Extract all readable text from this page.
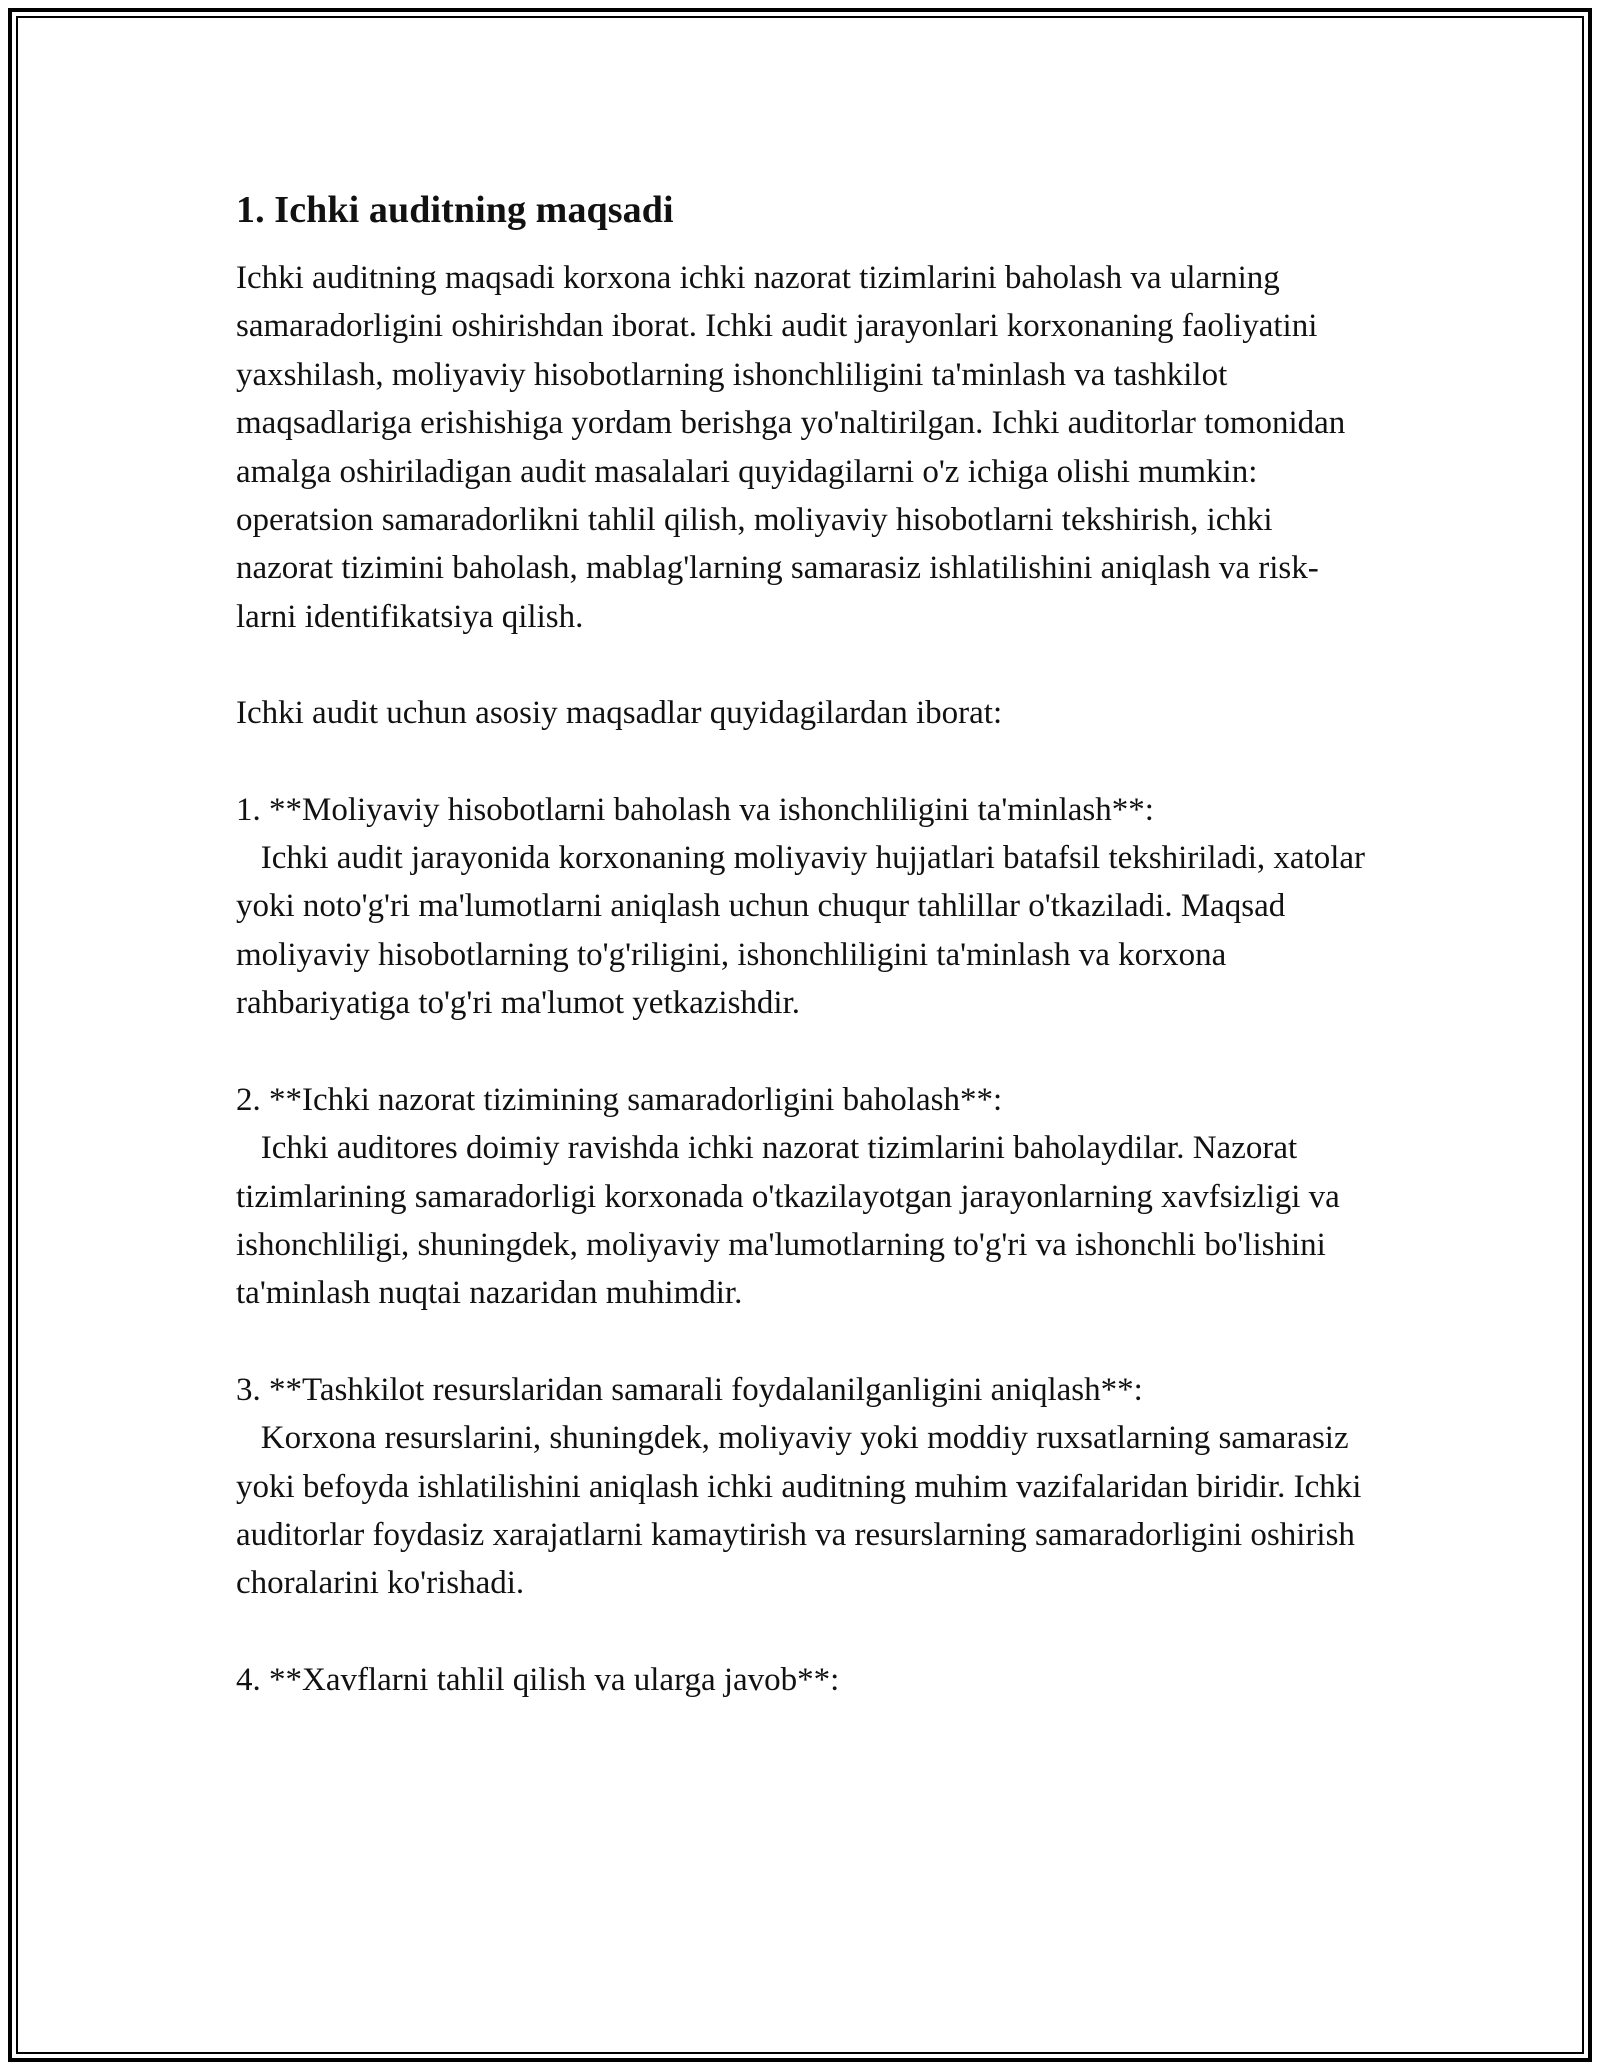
1. Ichki auditning maqsadi

Ichki auditning maqsadi korxona ichki nazorat tizimlarini baholash va ularning samaradorligini oshirishdan iborat. Ichki audit jarayonlari korxonaning faoliyatini yaxshilash, moliyaviy hisobotlarning ishonchliligini ta'minlash va tashkilot maqsadlariga erishishiga yordam berishga yo'naltirilgan. Ichki auditorlar tomonidan amalga oshiriladigan audit masalalari quyidagilarni o'z ichiga olishi mumkin: operatsion samaradorlikni tahlil qilish, moliyaviy hisobotlarni tekshirish, ichki nazorat tizimini baholash, mablag'larning samarasiz ishlatilishini aniqlash va risk-larni identifikatsiya qilish.

Ichki audit uchun asosiy maqsadlar quyidagilardan iborat:

1. **Moliyaviy hisobotlarni baholash va ishonchliligini ta'minlash**:

Ichki audit jarayonida korxonaning moliyaviy hujjatlari batafsil tekshiriladi, xatolar yoki noto'g'ri ma'lumotlarni aniqlash uchun chuqur tahlillar o'tkaziladi. Maqsad moliyaviy hisobotlarning to'g'riligini, ishonchliligini ta'minlash va korxona rahbariyatiga to'g'ri ma'lumot yetkazishdir.

2. **Ichki nazorat tizimining samaradorligini baholash**:

Ichki auditores doimiy ravishda ichki nazorat tizimlarini baholaydilar. Nazorat tizimlarining samaradorligi korxonada o'tkazilayotgan jarayonlarning xavfsizligi va ishonchliligi, shuningdek, moliyaviy ma'lumotlarning to'g'ri va ishonchli bo'lishini ta'minlash nuqtai nazaridan muhimdir.

3. **Tashkilot resurslaridan samarali foydalanilganligini aniqlash**:

Korxona resurslarini, shuningdek, moliyaviy yoki moddiy ruxsatlarning samarasiz yoki befoyda ishlatilishini aniqlash ichki auditning muhim vazifalaridan biridir. Ichki auditorlar foydasiz xarajatlarni kamaytirish va resurslarning samaradorligini oshirish choralarini ko'rishadi.

4. **Xavflarni tahlil qilish va ularga javob**:
